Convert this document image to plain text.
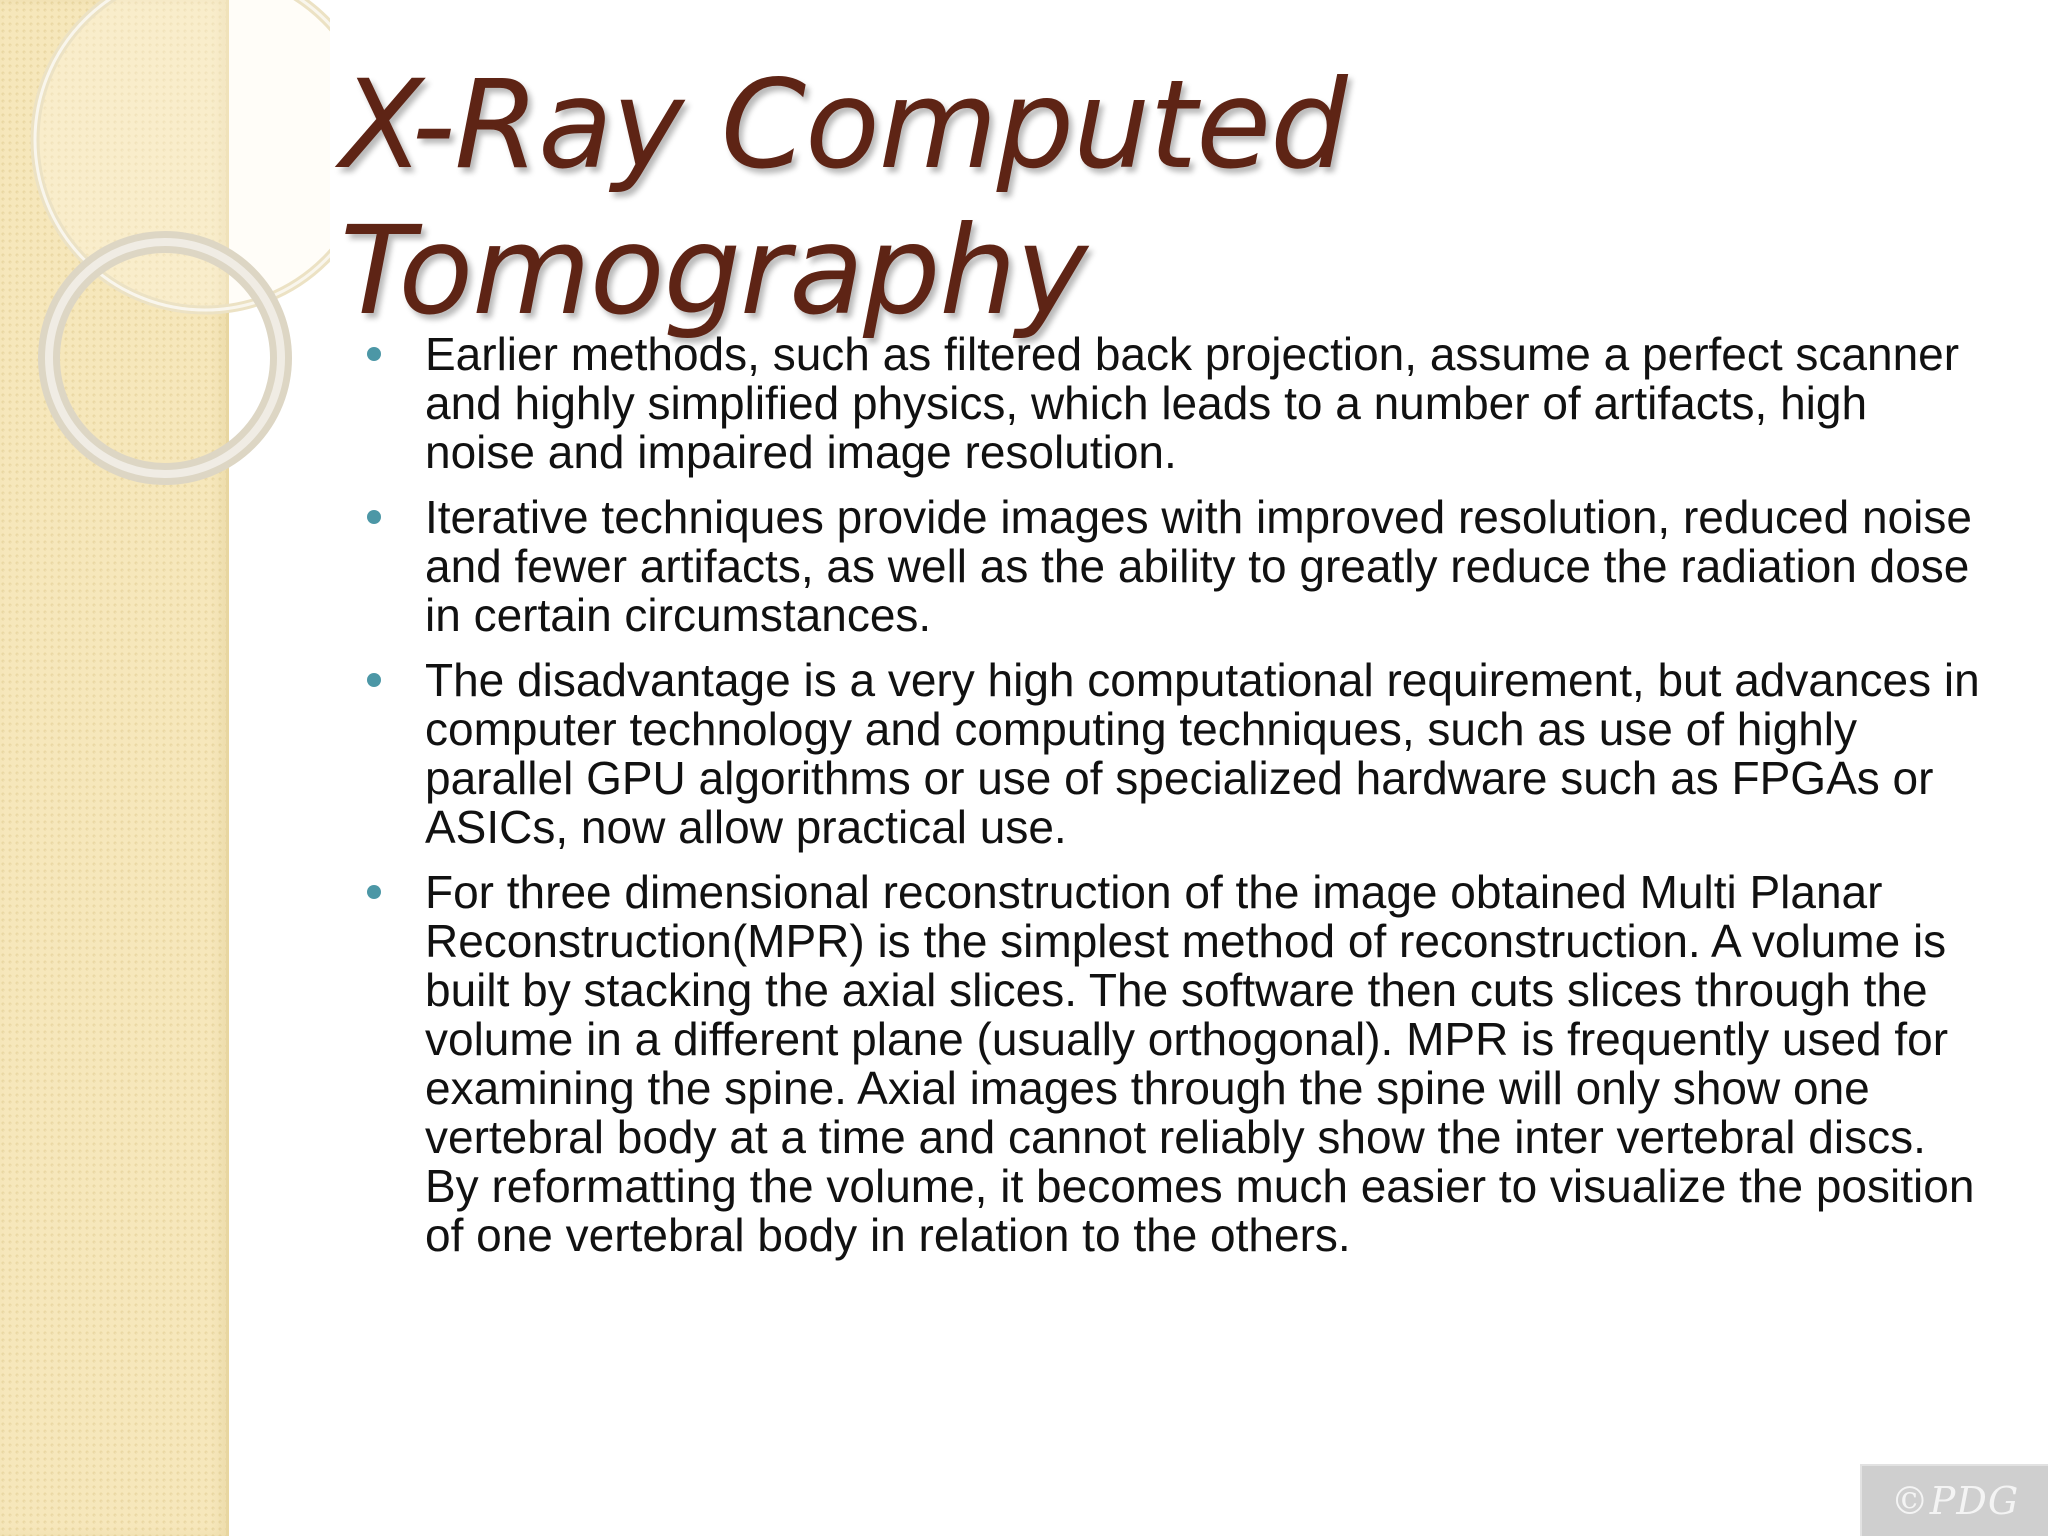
X-Ray Computed Tomography
Earlier methods, such as filtered back projection, assume a perfect scanner and highly simplified physics, which leads to a number of artifacts, high noise and impaired image resolution.
Iterative techniques provide images with improved resolution, reduced noise and fewer artifacts, as well as the ability to greatly reduce the radiation dose in certain circumstances.
The disadvantage is a very high computational requirement, but advances in computer technology and computing techniques, such as use of highly parallel GPU algorithms or use of specialized hardware such as FPGAs or ASICs, now allow practical use.
For three dimensional reconstruction of the image obtained Multi Planar Reconstruction(MPR) is the simplest method of reconstruction. A volume is built by stacking the axial slices. The software then cuts slices through the volume in a different plane (usually orthogonal). MPR is frequently used for examining the spine. Axial images through the spine will only show one vertebral body at a time and cannot reliably show the inter vertebral discs. By reformatting the volume, it becomes much easier to visualize the position of one vertebral body in relation to the others.
©PDG
